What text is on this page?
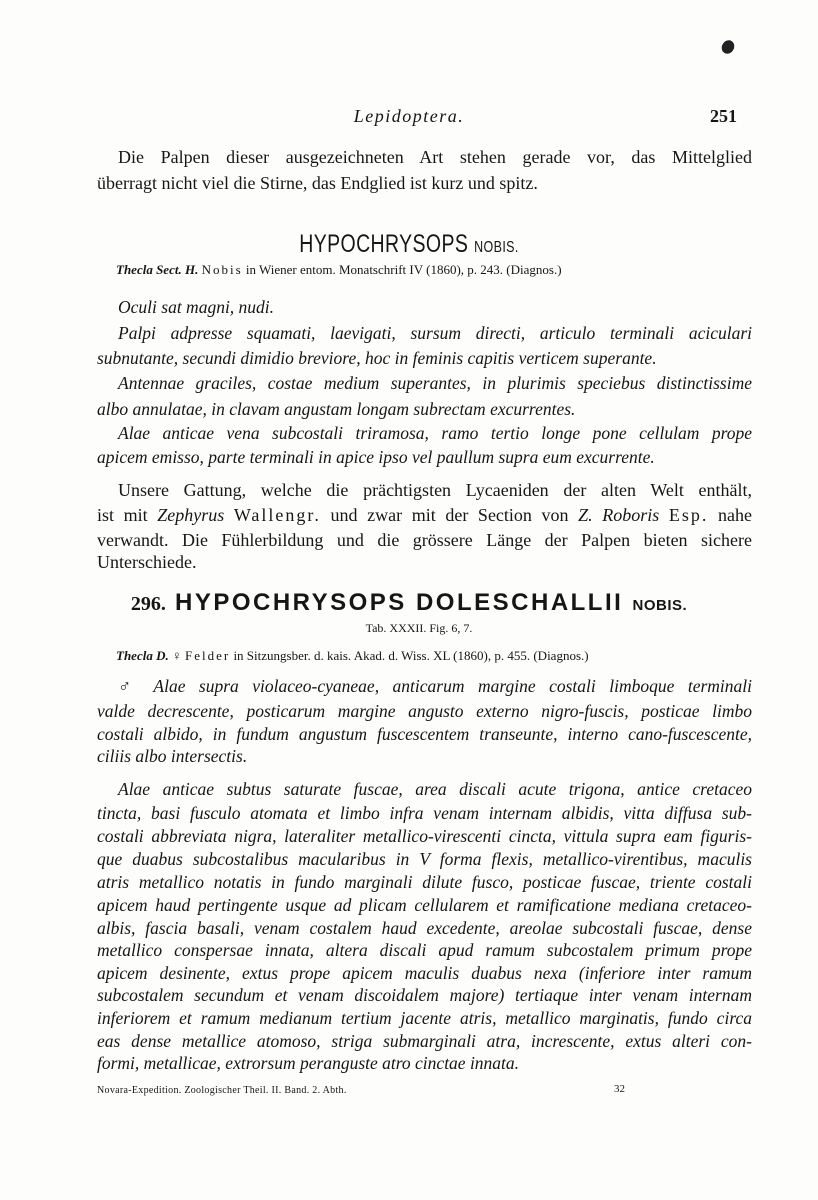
Lepidoptera.	251
Die Palpen dieser ausgezeichneten Art stehen gerade vor, das Mittelglied
überragt nicht viel die Stirne, das Endglied ist kurz und spitz.
HYPOCHRYSOPS NOBIS.
Thecla Sect. H. Nobis in Wiener entom. Monatschrift IV (1860), p. 243. (Diagnos.)
Oculi sat magni, nudi.
Palpi adpresse squamati, laevigati, sursum directi, articulo terminali aciculari
subnutante, secundi dimidio breviore, hoc in feminis capitis verticem superante.
Antennae graciles, costae medium superantes, in plurimis speciebus distinctissime
albo annulatae, in clavam angustam longam subrectam excurrentes.
Alae anticae vena subcostali triramosa, ramo tertio longe pone cellulam prope
apicem emisso, parte terminali in apice ipso vel paullum supra eum excurrente.
Unsere Gattung, welche die prächtigsten Lycaeniden der alten Welt enthält,
ist mit Zephyrus Wallengr. und zwar mit der Section von Z. Roboris Esp. nahe
verwandt. Die Fühlerbildung und die grössere Länge der Palpen bieten sichere
Unterschiede.
296. HYPOCHRYSOPS DOLESCHALLII NOBIS.
Tab. XXXII. Fig. 6, 7.
Thecla D. ♀ Felder in Sitzungsber. d. kais. Akad. d. Wiss. XL (1860), p. 455. (Diagnos.)
♂ Alae supra violaceo-cyaneae, anticarum margine costali limboque terminali
valde decrescente, posticarum margine angusto externo nigro-fuscis, posticae limbo
costali albido, in fundum angustum fuscescentem transeunte, interno cano-fuscescente,
ciliis albo intersectis.
Novara-Expedition. Zoologischer Theil. II. Band. 2. Abth.	32
Alae anticae subtus saturate fuscae, area discali acute trigona, antice cretaceo
tincta, basi fusculo atomata et limbo infra venam internam albidis, vitta diffusa sub-
costali abbreviata nigra, lateraliter metallico-virescenti cincta, vittula supra eam figuris-
que duabus subcostalibus macularibus in V forma flexis, metallico-virentibus, maculis
atris metallico notatis in fundo marginali dilute fusco, posticae fuscae, triente costali
apicem haud pertingente usque ad plicam cellularem et ramificatione mediana cretaceo-
albis, fascia basali, venam costalem haud excedente, areolae subcostali fuscae, dense
metallico conspersae innata, altera discali apud ramum subcostalem primum prope
apicem desinente, extus prope apicem maculis duabus nexa (inferiore inter ramum
subcostalem secundum et venam discoidalem majore) tertiaque inter venam internam
inferiorem et ramum medianum tertium jacente atris, metallico marginatis, fundo circa
eas dense metallice atomoso, striga submarginali atra, increscente, extus alteri con-
formi, metallicae, extrorsum peranguste atro cinctae innata.
